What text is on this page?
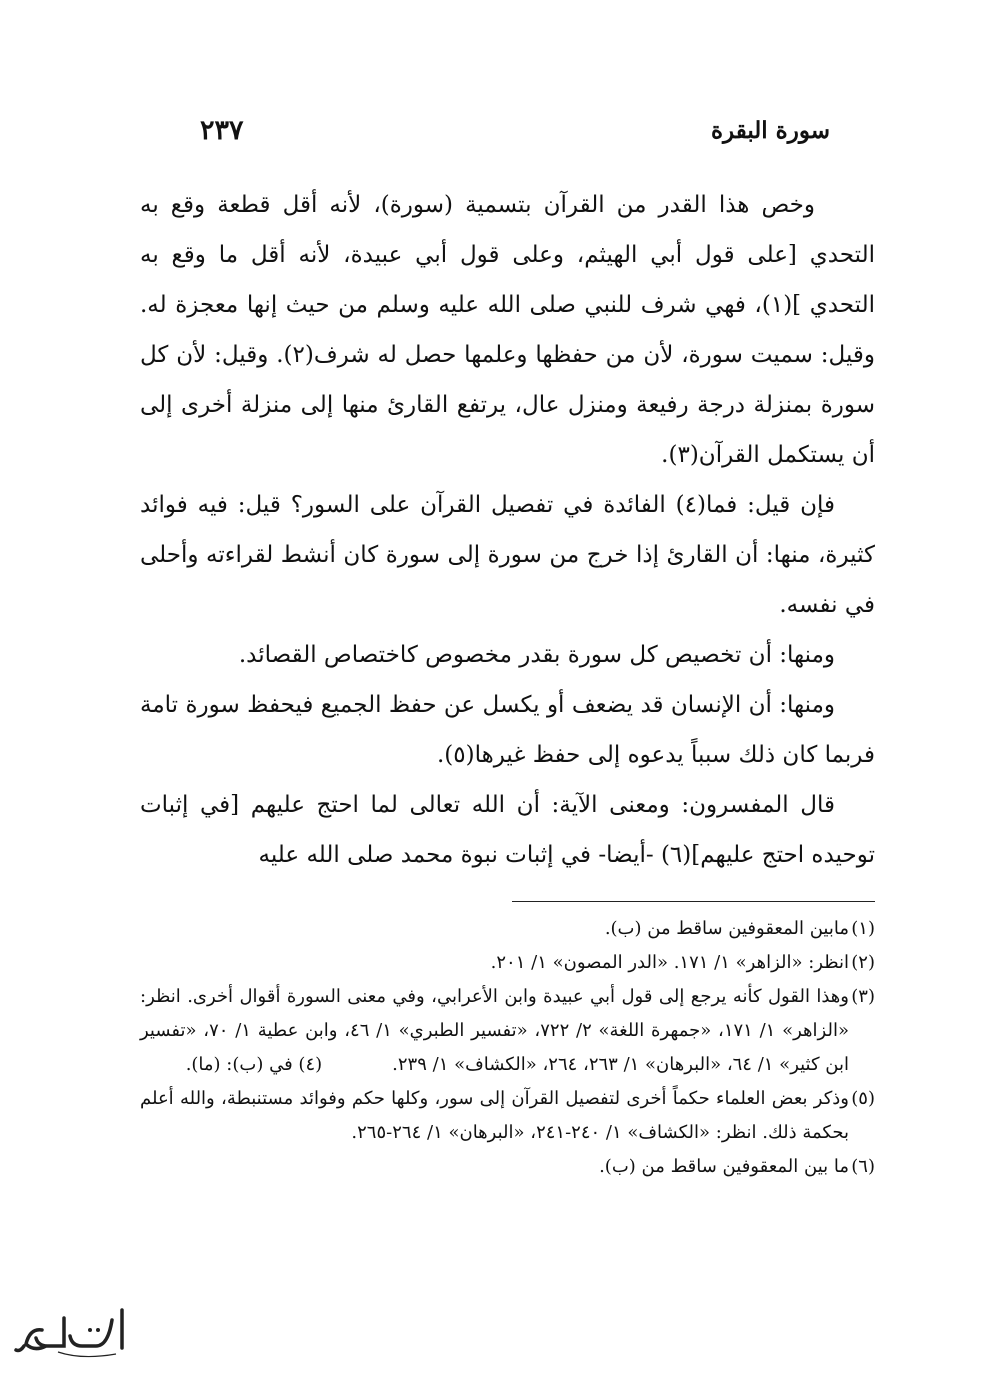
سورة البقرة
٢٣٧

وخص هذا القدر من القرآن بتسمية (سورة)، لأنه أقل قطعة وقع به التحدي [على قول أبي الهيثم، وعلى قول أبي عبيدة، لأنه أقل ما وقع به التحدي ](١)، فهي شرف للنبي صلى الله عليه وسلم من حيث إنها معجزة له. وقيل: سميت سورة، لأن من حفظها وعلمها حصل له شرف(٢). وقيل: لأن كل سورة بمنزلة درجة رفيعة ومنزل عال، يرتفع القارئ منها إلى منزلة أخرى إلى أن يستكمل القرآن(٣).

فإن قيل: فما(٤) الفائدة في تفصيل القرآن على السور؟ قيل: فيه فوائد كثيرة، منها: أن القارئ إذا خرج من سورة إلى سورة كان أنشط لقراءته وأحلى في نفسه.

ومنها: أن تخصيص كل سورة بقدر مخصوص كاختصاص القصائد.

ومنها: أن الإنسان قد يضعف أو يكسل عن حفظ الجميع فيحفظ سورة تامة فربما كان ذلك سبباً يدعوه إلى حفظ غيرها(٥).

قال المفسرون: ومعنى الآية: أن الله تعالى لما احتج عليهم [في إثبات توحيده احتج عليهم](٦) -أيضا- في إثبات نبوة محمد صلى الله عليه

(١)مابين المعقوفين ساقط من (ب).

(٢)انظر: «الزاهر» ١/ ١٧١. «الدر المصون» ١/ ٢٠١.

(٣)وهذا القول كأنه يرجع إلى قول أبي عبيدة وابن الأعرابي، وفي معنى السورة أقوال أخرى. انظر: «الزاهر» ١/ ١٧١، «جمهرة اللغة» ٢/ ٧٢٢، «تفسير الطبري» ١/ ٤٦، وابن عطية ١/ ٧٠، «تفسير ابن كثير» ١/ ٦٤، «البرهان» ١/ ٢٦٣، ٢٦٤، «الكشاف» ١/ ٢٣٩.(٤) في (ب): (ما).

(٥)وذكر بعض العلماء حكماً أخرى لتفصيل القرآن إلى سور، وكلها حكم وفوائد مستنبطة، والله أعلم بحكمة ذلك. انظر: «الكشاف» ١/ ٢٤٠-٢٤١، «البرهان» ١/ ٢٦٤-٢٦٥.

(٦)ما بين المعقوفين ساقط من (ب).
